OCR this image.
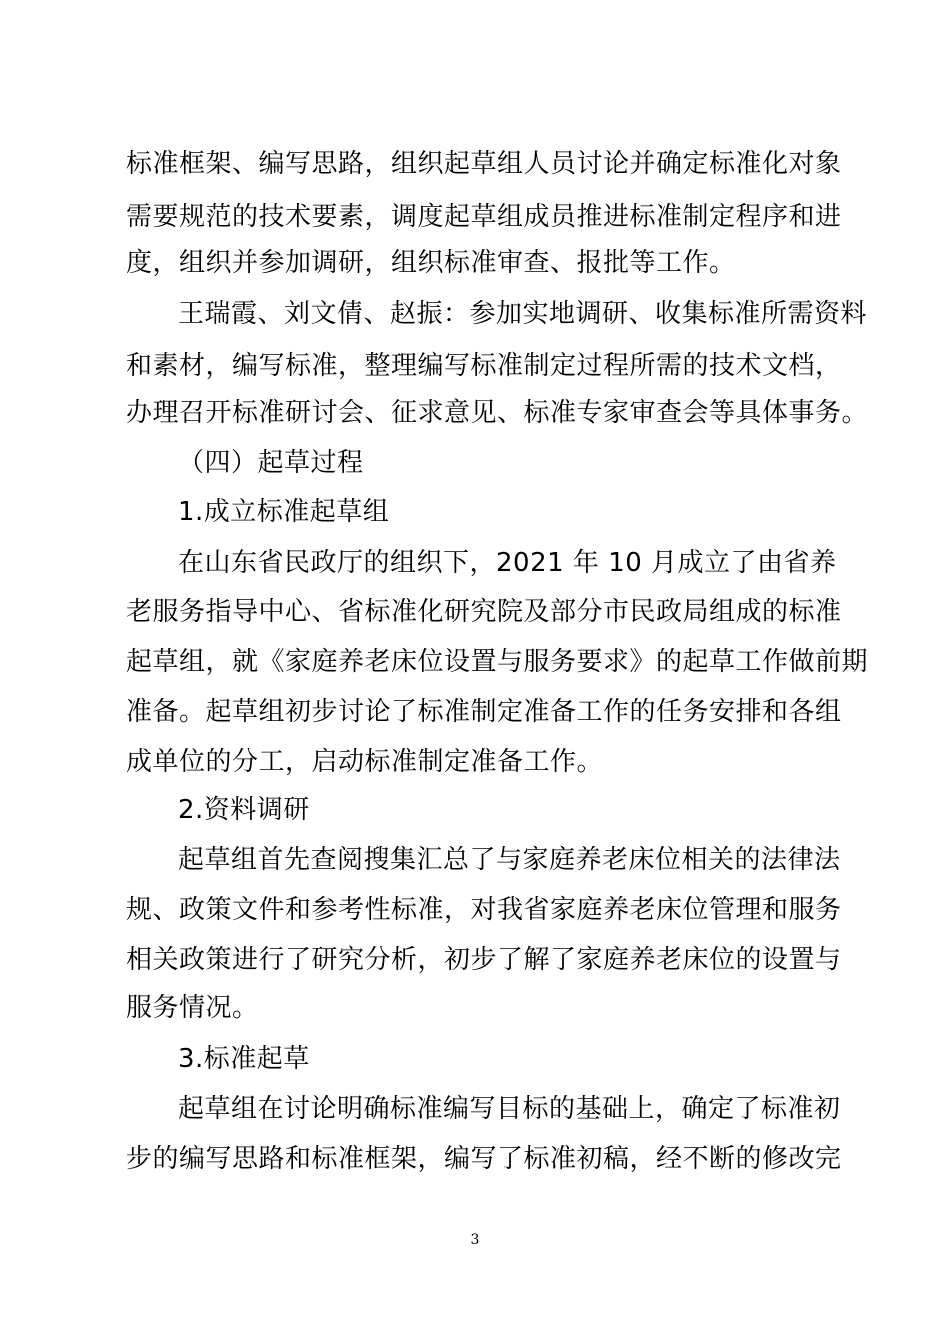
标准框架、编写思路，组织起草组人员讨论并确定标准化对象
需要规范的技术要素，调度起草组成员推进标准制定程序和进
度，组织并参加调研，组织标准审查、报批等工作。
王瑞霞、刘文倩、赵振：参加实地调研、收集标准所需资料
和素材，编写标准，整理编写标准制定过程所需的技术文档，
办理召开标准研讨会、征求意见、标准专家审查会等具体事务。
（四）起草过程
1.成立标准起草组
在山东省民政厅的组织下，2021 年 10 月成立了由省养
老服务指导中心、省标准化研究院及部分市民政局组成的标准
起草组，就《家庭养老床位设置与服务要求》的起草工作做前期
准备。起草组初步讨论了标准制定准备工作的任务安排和各组
成单位的分工，启动标准制定准备工作。
2.资料调研
起草组首先查阅搜集汇总了与家庭养老床位相关的法律法
规、政策文件和参考性标准，对我省家庭养老床位管理和服务
相关政策进行了研究分析，初步了解了家庭养老床位的设置与
服务情况。
3.标准起草
起草组在讨论明确标准编写目标的基础上，确定了标准初
步的编写思路和标准框架，编写了标准初稿，经不断的修改完
3
